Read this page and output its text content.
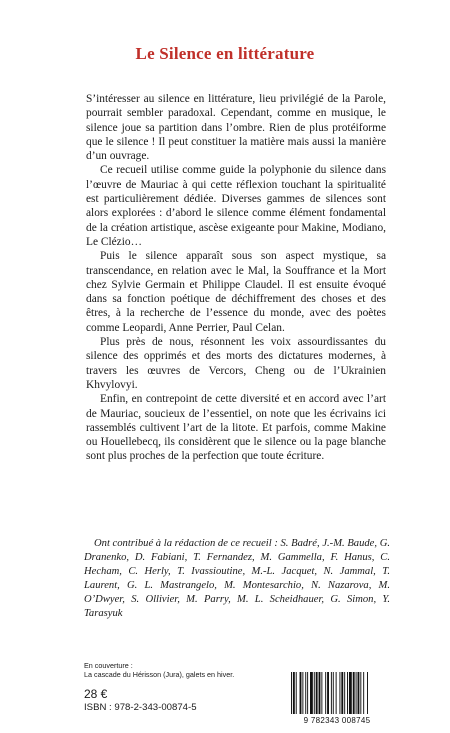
Le Silence en littérature

S’intéresser au silence en littérature, lieu privilégié de la Parole, pourrait sembler paradoxal. Cependant, comme en musique, le silence joue sa partition dans l’ombre. Rien de plus protéiforme que le silence ! Il peut constituer la matière mais aussi la manière d’un ouvrage.

Ce recueil utilise comme guide la polyphonie du silence dans l’œuvre de Mauriac à qui cette réflexion touchant la spiritualité est particulièrement dédiée. Diverses gammes de silences sont alors explorées : d’abord le silence comme élément fondamental de la création artistique, ascèse exigeante pour Makine, Modiano, Le Clézio…

Puis le silence apparaît sous son aspect mystique, sa transcendance, en relation avec le Mal, la Souffrance et la Mort chez Sylvie Germain et Philippe Claudel. Il est ensuite évoqué dans sa fonction poétique de déchiffrement des choses et des êtres, à la recherche de l’essence du monde, avec des poètes comme Leopardi, Anne Perrier, Paul Celan.

Plus près de nous, résonnent les voix assourdissantes du silence des opprimés et des morts des dictatures modernes, à travers les œuvres de Vercors, Cheng ou de l’Ukrainien Khvylovyi.

Enfin, en contrepoint de cette diversité et en accord avec l’art de Mauriac, soucieux de l’essentiel, on note que les écrivains ici rassemblés cultivent l’art de la litote. Et parfois, comme Makine ou Houellebecq, ils considèrent que le silence ou la page blanche sont plus proches de la perfection que toute écriture.

Ont contribué à la rédaction de ce recueil : S. Badré, J.-M. Baude, G. Dranenko, D. Fabiani, T. Fernandez, M. Gammella, F. Hanus, C. Hecham, C. Herly, T. Ivassioutine, M.-L. Jacquet, N. Jammal, T. Laurent, G. L. Mastrangelo, M. Montesarchio, N. Nazarova, M. O’Dwyer, S. Ollivier, M. Parry, M. L. Scheidhauer, G. Simon, Y. Tarasyuk
En couverture :
La cascade du Hérisson (Jura), galets en hiver.
28 €
ISBN : 978-2-343-00874-5
9 782343 008745
